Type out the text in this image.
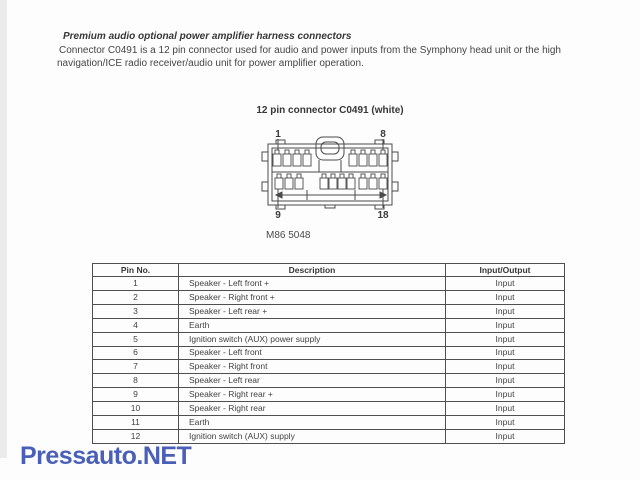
Premium audio optional power amplifier harness connectors
Connector C0491 is a 12 pin connector used for audio and power inputs from the Symphony head unit or the high
navigation/ICE radio receiver/audio unit for power amplifier operation.
12 pin connector C0491 (white)
1	8
9	18
M86 5048
Pin No.	Description	Input/Output
1	Speaker - Left front +	Input
2	Speaker - Right front +	Input
3	Speaker - Left rear +	Input
4	Earth	Input
5	Ignition switch (AUX) power supply	Input
6	Speaker - Left front	Input
7	Speaker - Right front	Input
8	Speaker - Left rear	Input
9	Speaker - Right rear +	Input
10	Speaker - Right rear	Input
11	Earth	Input
12	Ignition switch (AUX) supply	Input
Pressauto.NET
